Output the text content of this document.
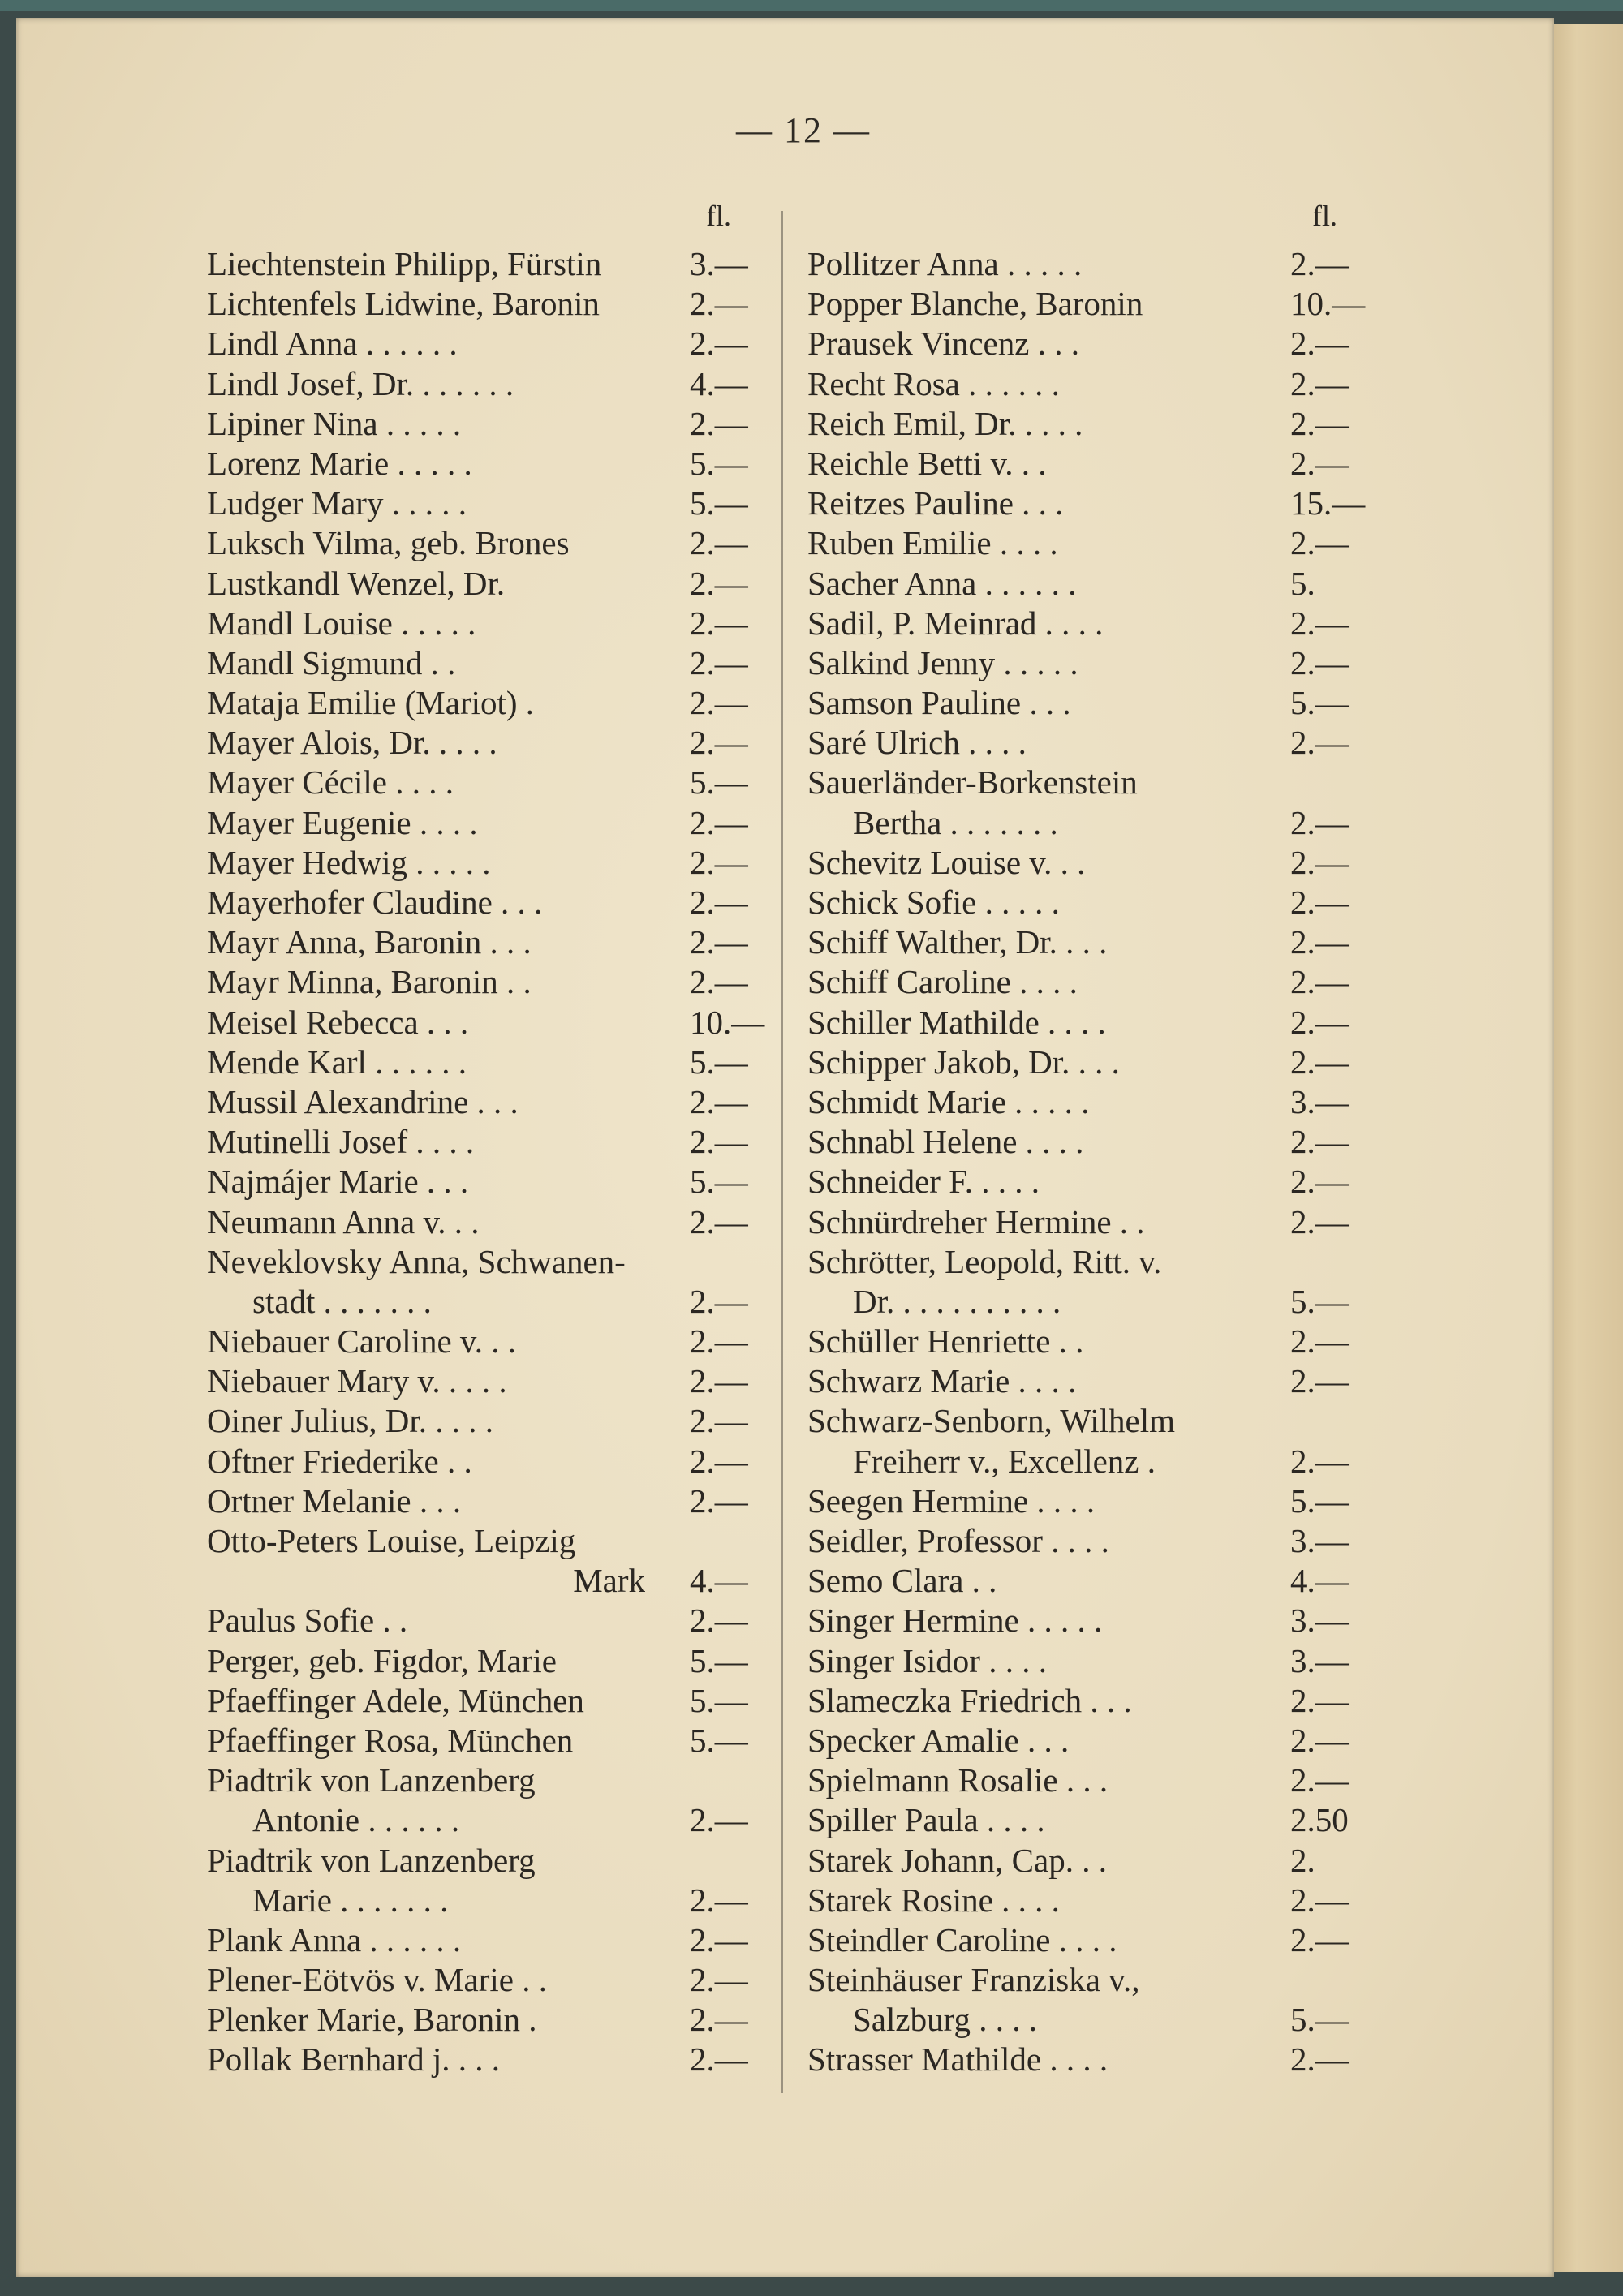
— 12 —
fl.
Liechtenstein Philipp, Fürstin	3.—
Lichtenfels Lidwine, Baronin	2.—
Lindl Anna . . . . . .	2.—
Lindl Josef, Dr. . . . . . .	4.—
Lipiner Nina . . . . .	2.—
Lorenz Marie . . . . .	5.—
Ludger Mary . . . . .	5.—
Luksch Vilma, geb. Brones	2.—
Lustkandl Wenzel, Dr.	2.—
Mandl Louise . . . . .	2.—
Mandl Sigmund . .	2.—
Mataja Emilie (Mariot) .	2.—
Mayer Alois, Dr. . . . .	2.—
Mayer Cécile . . . .	5.—
Mayer Eugenie . . . .	2.—
Mayer Hedwig . . . . .	2.—
Mayerhofer Claudine . . .	2.—
Mayr Anna, Baronin . . .	2.—
Mayr Minna, Baronin . .	2.—
Meisel Rebecca . . .	10.—
Mende Karl . . . . . .	5.—
Mussil Alexandrine . . .	2.—
Mutinelli Josef . . . .	2.—
Najmájer Marie . . .	5.—
Neumann Anna v. . .	2.—
Neveklovsky Anna, Schwanen-
stadt . . . . . . .	2.—
Niebauer Caroline v. . .	2.—
Niebauer Mary v. . . . .	2.—
Oiner Julius, Dr. . . . .	2.—
Oftner Friederike . .	2.—
Ortner Melanie . . .	2.—
Otto-Peters Louise, Leipzig
Mark 4.—
Paulus Sofie . .	2.—
Perger, geb. Figdor, Marie	5.—
Pfaeffinger Adele, München	5.—
Pfaeffinger Rosa, München	5.—
Piadtrik von Lanzenberg
Antonie . . . . . .	2.—
Piadtrik von Lanzenberg
Marie . . . . . . .	2.—
Plank Anna . . . . . .	2.—
Plener-Eötvös v. Marie . .	2.—
Plenker Marie, Baronin .	2.—
Pollak Bernhard j. . . .	2.—
fl.
Pollitzer Anna . . . . .	2.—
Popper Blanche, Baronin	10.—
Prausek Vincenz . . .	2.—
Recht Rosa . . . . . .	2.—
Reich Emil, Dr. . . . .	2.—
Reichle Betti v. . .	2.—
Reitzes Pauline . . .	15.—
Ruben Emilie . . . .	2.—
Sacher Anna . . . . . .	5.
Sadil, P. Meinrad . . . .	2.—
Salkind Jenny . . . . .	2.—
Samson Pauline . . .	5.—
Saré Ulrich . . . .	2.—
Sauerländer-Borkenstein
Bertha . . . . . . .	2.—
Schevitz Louise v. . .	2.—
Schick Sofie . . . . .	2.—
Schiff Walther, Dr. . . .	2.—
Schiff Caroline . . . .	2.—
Schiller Mathilde . . . .	2.—
Schipper Jakob, Dr. . . .	2.—
Schmidt Marie . . . . .	3.—
Schnabl Helene . . . .	2.—
Schneider F. . . . .	2.—
Schnürdreher Hermine . .	2.—
Schrötter, Leopold, Ritt. v.
Dr. . . . . . . . . . .	5.—
Schüller Henriette . .	2.—
Schwarz Marie . . . .	2.—
Schwarz-Senborn, Wilhelm
Freiherr v., Excellenz .	2.—
Seegen Hermine . . . .	5.—
Seidler, Professor . . . .	3.—
Semo Clara . .	4.—
Singer Hermine . . . . .	3.—
Singer Isidor . . . .	3.—
Slameczka Friedrich . . .	2.—
Specker Amalie . . .	2.—
Spielmann Rosalie . . .	2.—
Spiller Paula . . . .	2.50
Starek Johann, Cap. . .	2.
Starek Rosine . . . .	2.—
Steindler Caroline . . . .	2.—
Steinhäuser Franziska v.,
Salzburg . . . .	5.—
Strasser Mathilde . . . .	2.—
